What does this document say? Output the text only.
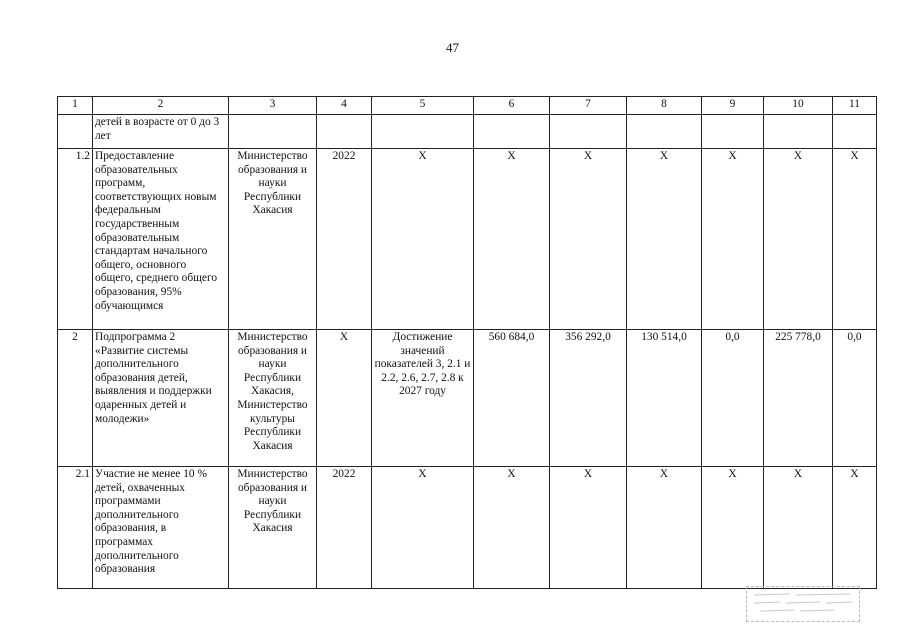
47
1	2	3	4	5	6	7	8	9	10	11
	детей в возрасте от 0 до 3 лет									
1.2	Предоставление образовательных программ, соответствующих новым федеральным государственным образовательным стандартам начального общего, основного общего, среднего общего образования, 95% обучающимся	Министерство образования и науки Республики Хакасия	2022	X	X	X	X	X	X	X
2	Подпрограмма 2 «Развитие системы дополнительного образования детей, выявления и поддержки одаренных детей и молодежи»	Министерство образования и науки Республики Хакасия, Министерство культуры Республики Хакасия	X	Достижение значений показателей 3, 2.1 и 2.2, 2.6, 2.7, 2.8 к 2027 году	560 684,0	356 292,0	130 514,0	0,0	225 778,0	0,0
2.1	Участие не менее 10 % детей, охваченных программами дополнительного образования, в программах дополнительного образования	Министерство образования и науки Республики Хакасия	2022	X	X	X	X	X	X	X
